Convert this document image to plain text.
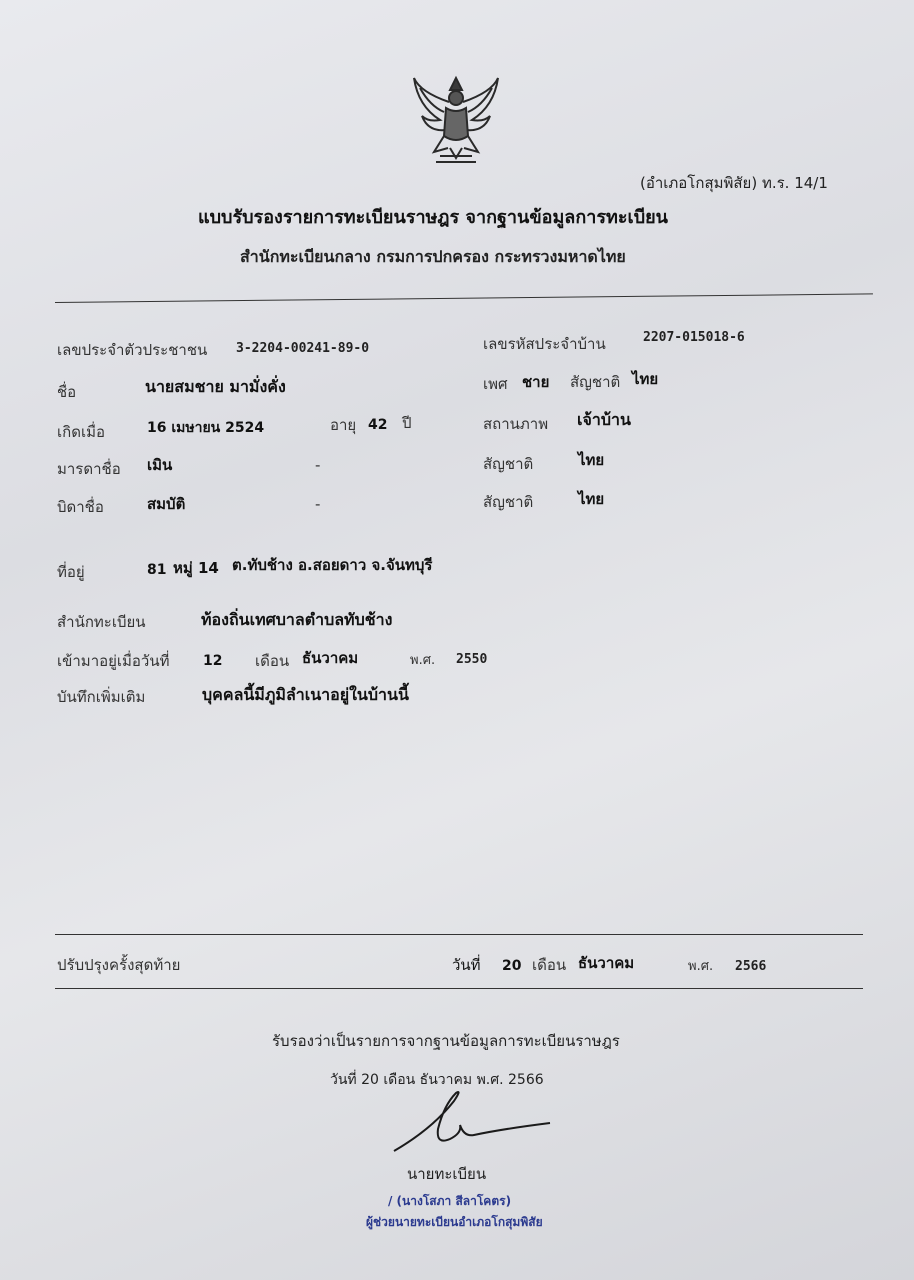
(อำเภอโกสุมพิสัย) ท.ร. 14/1
แบบรับรองรายการทะเบียนราษฎร จากฐานข้อมูลการทะเบียน
สำนักทะเบียนกลาง กรมการปกครอง กระทรวงมหาดไทย
เลขประจำตัวประชาชน 3-2204-00241-89-0	เลขรหัสประจำบ้าน	2207-015018-6
ชื่อ	นายสมชาย มามั่งคั่ง	เพศ ชาย สัญชาติ ไทย
เกิดเมื่อ	16 เมษายน 2524	อายุ 42 ปี	สถานภาพ เจ้าบ้าน
มารดาชื่อ เมิน	-	สัญชาติ	ไทย
บิดาชื่อ	สมบัติ	-	สัญชาติ	ไทย
ที่อยู่	81 หมู่ 14 ต.ทับช้าง อ.สอยดาว จ.จันทบุรี
สำนักทะเบียน	ท้องถิ่นเทศบาลตำบลทับช้าง
เข้ามาอยู่เมื่อวันที่ 12 เดือน ธันวาคม	พ.ศ. 2550
บันทึกเพิ่มเติม	บุคคลนี้มีภูมิลำเนาอยู่ในบ้านนี้
ปรับปรุงครั้งสุดท้าย	วันที่ 20 เดือน ธันวาคม	พ.ศ. 2566
รับรองว่าเป็นรายการจากฐานข้อมูลการทะเบียนราษฎร
วันที่ 20 เดือน ธันวาคม พ.ศ. 2566
นายทะเบียน
/ (นางโสภา สีลาโคตร)
ผู้ช่วยนายทะเบียนอำเภอโกสุมพิสัย
